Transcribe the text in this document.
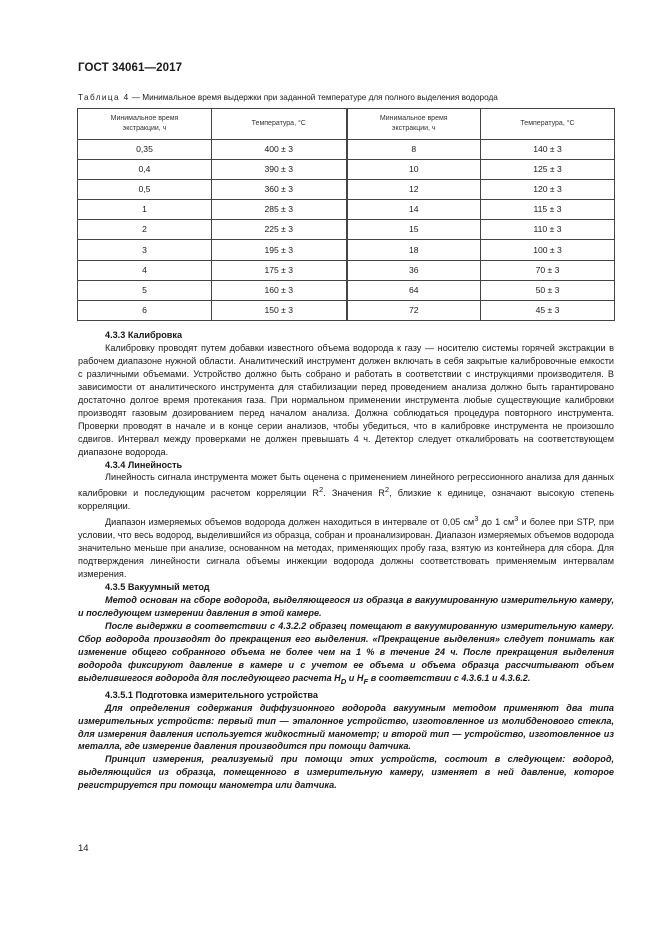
ГОСТ 34061—2017
Таблица 4 — Минимальное время выдержки при заданной температуре для полного выделения водорода
Минимальное время экстракции, ч	Температура, °С	Минимальное время экстракции, ч	Температура, °С
0,35	400 ± 3	8	140 ± 3
0,4	390 ± 3	10	125 ± 3
0,5	360 ± 3	12	120 ± 3
1	285 ± 3	14	115 ± 3
2	225 ± 3	15	110 ± 3
3	195 ± 3	18	100 ± 3
4	175 ± 3	36	70 ± 3
5	160 ± 3	64	50 ± 3
6	150 ± 3	72	45 ± 3

4.3.3 Калибровка

Калибровку проводят путем добавки известного объема водорода к газу — носителю системы горячей экстракции в рабочем диапазоне нужной области. Аналитический инструмент должен включать в себя закрытые калибровочные емкости с различными объемами. Устройство должно быть собрано и работать в соответствии с инструкциями производителя. В зависимости от аналитического инструмента для стабилизации перед проведением анализа должно быть гарантировано достаточно долгое время протекания газа. При нормальном применении инструмента любые существующие калибровки производят газовым дозированием перед началом анализа. Должна соблюдаться процедура повторного инструмента. Проверки проводят в начале и в конце серии анализов, чтобы убедиться, что в калибровке инструмента не произошло сдвигов. Интервал между проверками не должен превышать 4 ч. Детектор следует откалибровать на соответствующем диапазоне водорода.

4.3.4 Линейность

Линейность сигнала инструмента может быть оценена с применением линейного регрессионного анализа для данных калибровки и последующим расчетом корреляции $R^2$. Значения $R^2$, близкие к единице, означают высокую степень корреляции.

Диапазон измеряемых объемов водорода должен находиться в интервале от 0,05 $см^3$ до 1 $см^3$ и более при STP, при условии, что весь водород, выделившийся из образца, собран и проанализирован. Диапазон измеряемых объемов водорода значительно меньше при анализе, основанном на методах, применяющих пробу газа, взятую из контейнера для сбора. Для подтверждения линейности сигнала объемы инжекции водорода должны соответствовать применяемым интервалам измерения.

4.3.5 Вакуумный метод

Метод основан на сборе водорода, выделяющегося из образца в вакуумированную измерительную камеру, и последующем измерении давления в этой камере.

После выдержки в соответствии с 4.3.2.2 образец помещают в вакуумированную измерительную камеру. Сбор водорода производят до прекращения его выделения. «Прекращение выделения» следует понимать как изменение общего собранного объема не более чем на 1 % в течение 24 ч. После прекращения выделения водорода фиксируют давление в камере и с учетом ее объема и объема образца рассчитывают объем выделившегося водорода для последующего расчета $H_D$ и $H_F$ в соответствии с 4.3.6.1 и 4.3.6.2.

4.3.5.1 Подготовка измерительного устройства

Для определения содержания диффузионного водорода вакуумным методом применяют два типа измерительных устройств: первый тип — эталонное устройство, изготовленное из молибденового стекла, для измерения давления используется жидкостный манометр; и второй тип — устройство, изготовленное из металла, где измерение давления производится при помощи датчика.

Принцип измерения, реализуемый при помощи этих устройств, состоит в следующем: водород, выделяющийся из образца, помещенного в измерительную камеру, изменяет в ней давление, которое регистрируется при помощи манометра или датчика.

14
